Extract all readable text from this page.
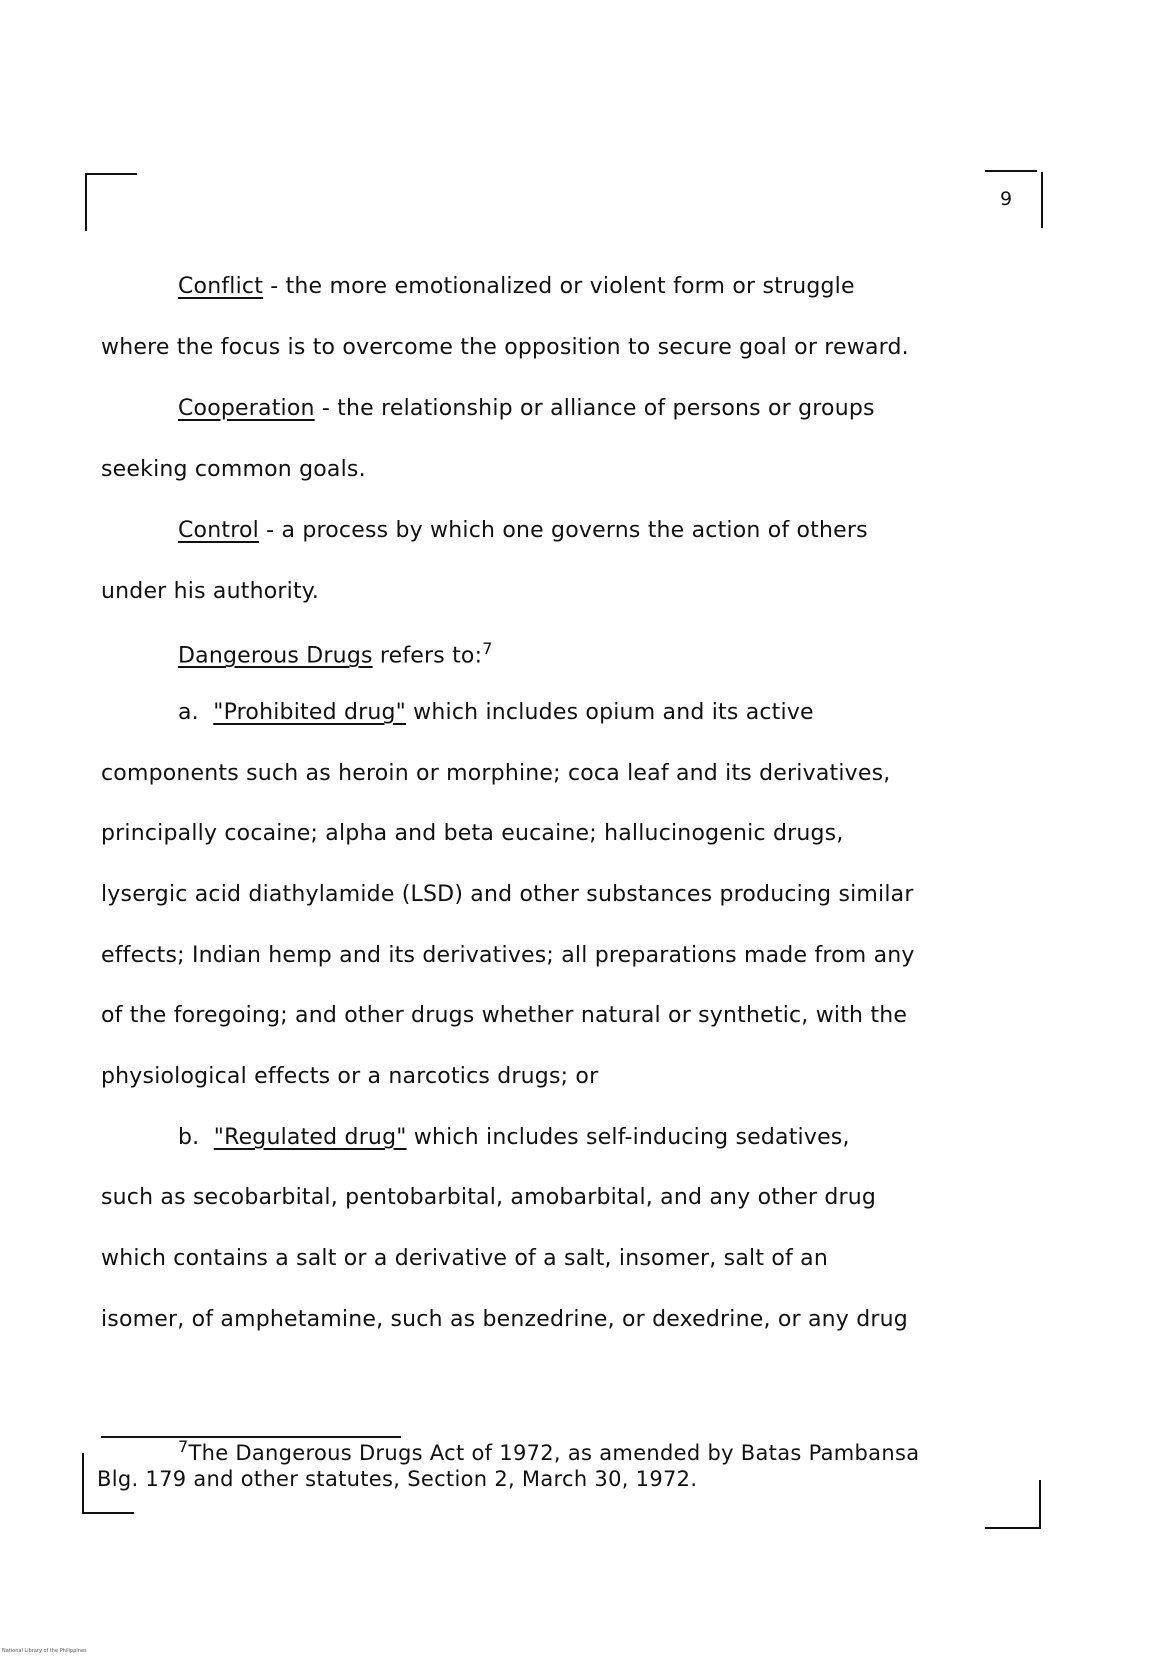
9
Conflict - the more emotionalized or violent form or struggle
where the focus is to overcome the opposition to secure goal or reward.
Cooperation - the relationship or alliance of persons or groups
seeking common goals.
Control - a process by which one governs the action of others
under his authority.
Dangerous Drugs refers to:$^7$
a. "Prohibited drug" which includes opium and its active
components such as heroin or morphine; coca leaf and its derivatives,
principally cocaine; alpha and beta eucaine; hallucinogenic drugs,
lysergic acid diathylamide (LSD) and other substances producing similar
effects; Indian hemp and its derivatives; all preparations made from any
of the foregoing; and other drugs whether natural or synthetic, with the
physiological effects or a narcotics drugs; or
b. "Regulated drug" which includes self-inducing sedatives,
such as secobarbital, pentobarbital, amobarbital, and any other drug
which contains a salt or a derivative of a salt, insomer, salt of an
isomer, of amphetamine, such as benzedrine, or dexedrine, or any drug
$^7$The Dangerous Drugs Act of 1972, as amended by Batas Pambansa
Blg. 179 and other statutes, Section 2, March 30, 1972.
National Library of the Philippines
